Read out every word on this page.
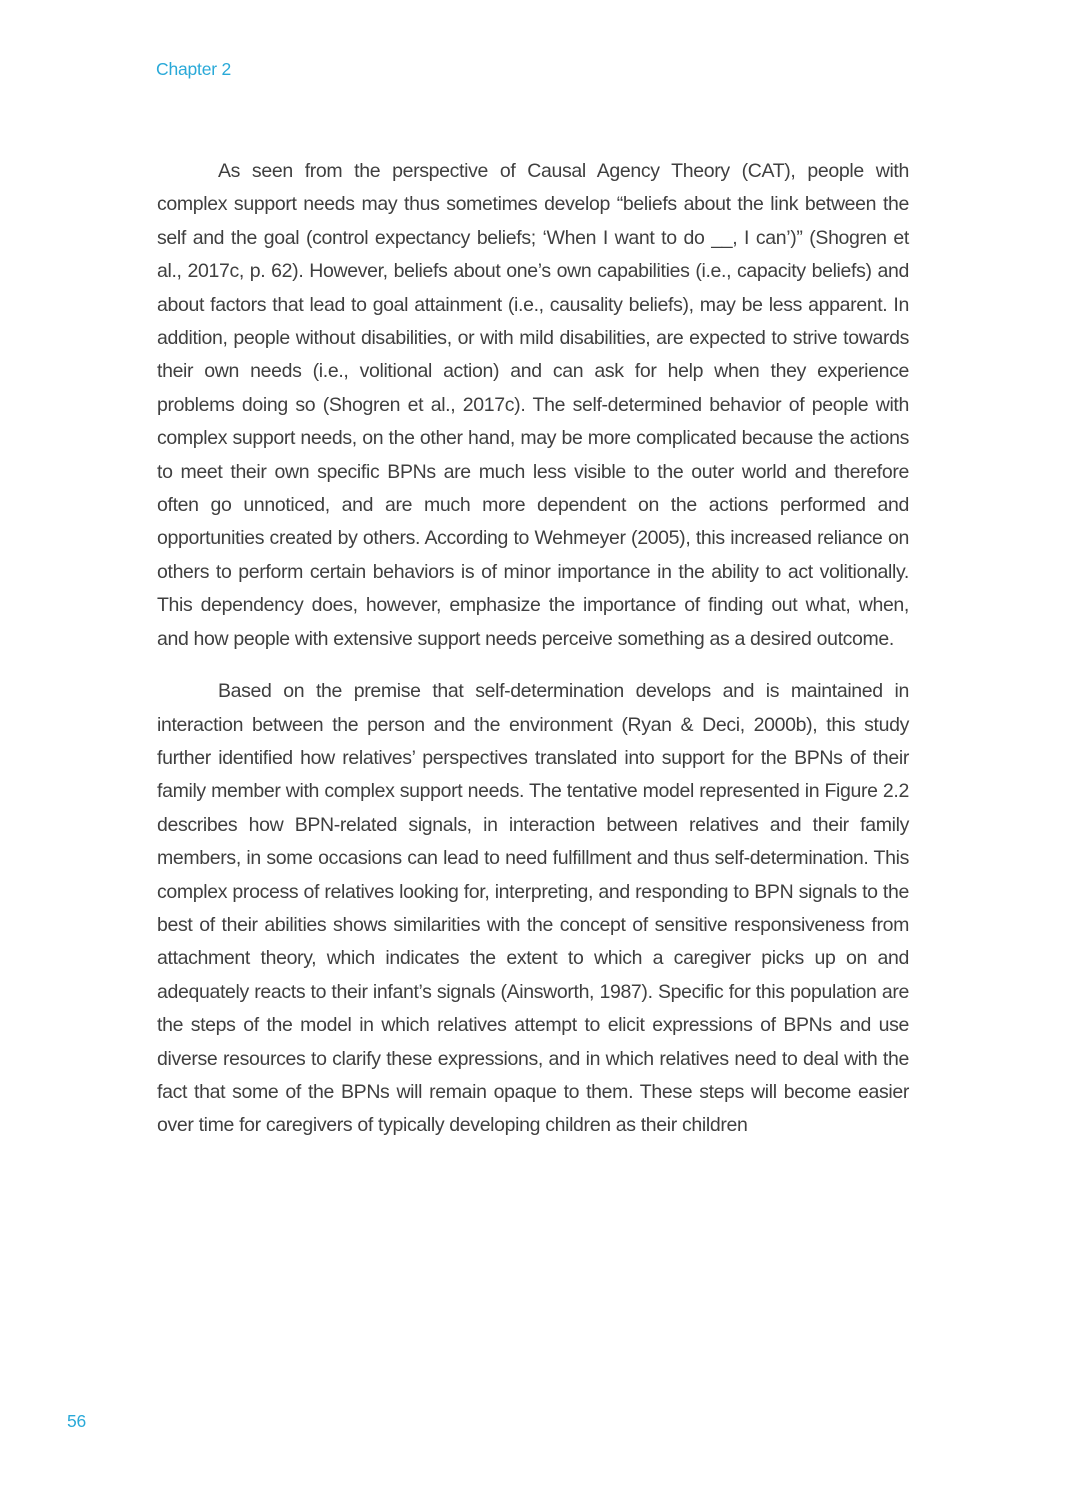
Chapter 2

As seen from the perspective of Causal Agency Theory (CAT), people with complex support needs may thus sometimes develop “beliefs about the link between the self and the goal (control expectancy beliefs; ‘When I want to do __, I can’)” (Shogren et al., 2017c, p. 62). However, beliefs about one’s own capabilities (i.e., capacity beliefs) and about factors that lead to goal attainment (i.e., causality beliefs), may be less apparent. In addition, people without disabilities, or with mild disabilities, are expected to strive towards their own needs (i.e., volitional action) and can ask for help when they experience problems doing so (Shogren et al., 2017c). The self-determined behavior of people with complex support needs, on the other hand, may be more complicated because the actions to meet their own specific BPNs are much less visible to the outer world and therefore often go unnoticed, and are much more dependent on the actions performed and opportunities created by others. According to Wehmeyer (2005), this increased reliance on others to perform certain behaviors is of minor importance in the ability to act volitionally. This dependency does, however, emphasize the importance of finding out what, when, and how people with extensive support needs perceive something as a desired outcome.

Based on the premise that self-determination develops and is maintained in interaction between the person and the environment (Ryan & Deci, 2000b), this study further identified how relatives’ perspectives translated into support for the BPNs of their family member with complex support needs. The tentative model represented in Figure 2.2 describes how BPN-related signals, in interaction between relatives and their family members, in some occasions can lead to need fulfillment and thus self-determination. This complex process of relatives looking for, interpreting, and responding to BPN signals to the best of their abilities shows similarities with the concept of sensitive responsiveness from attachment theory, which indicates the extent to which a caregiver picks up on and adequately reacts to their infant’s signals (Ainsworth, 1987). Specific for this population are the steps of the model in which relatives attempt to elicit expressions of BPNs and use diverse resources to clarify these expressions, and in which relatives need to deal with the fact that some of the BPNs will remain opaque to them. These steps will become easier over time for caregivers of typically developing children as their children

56
